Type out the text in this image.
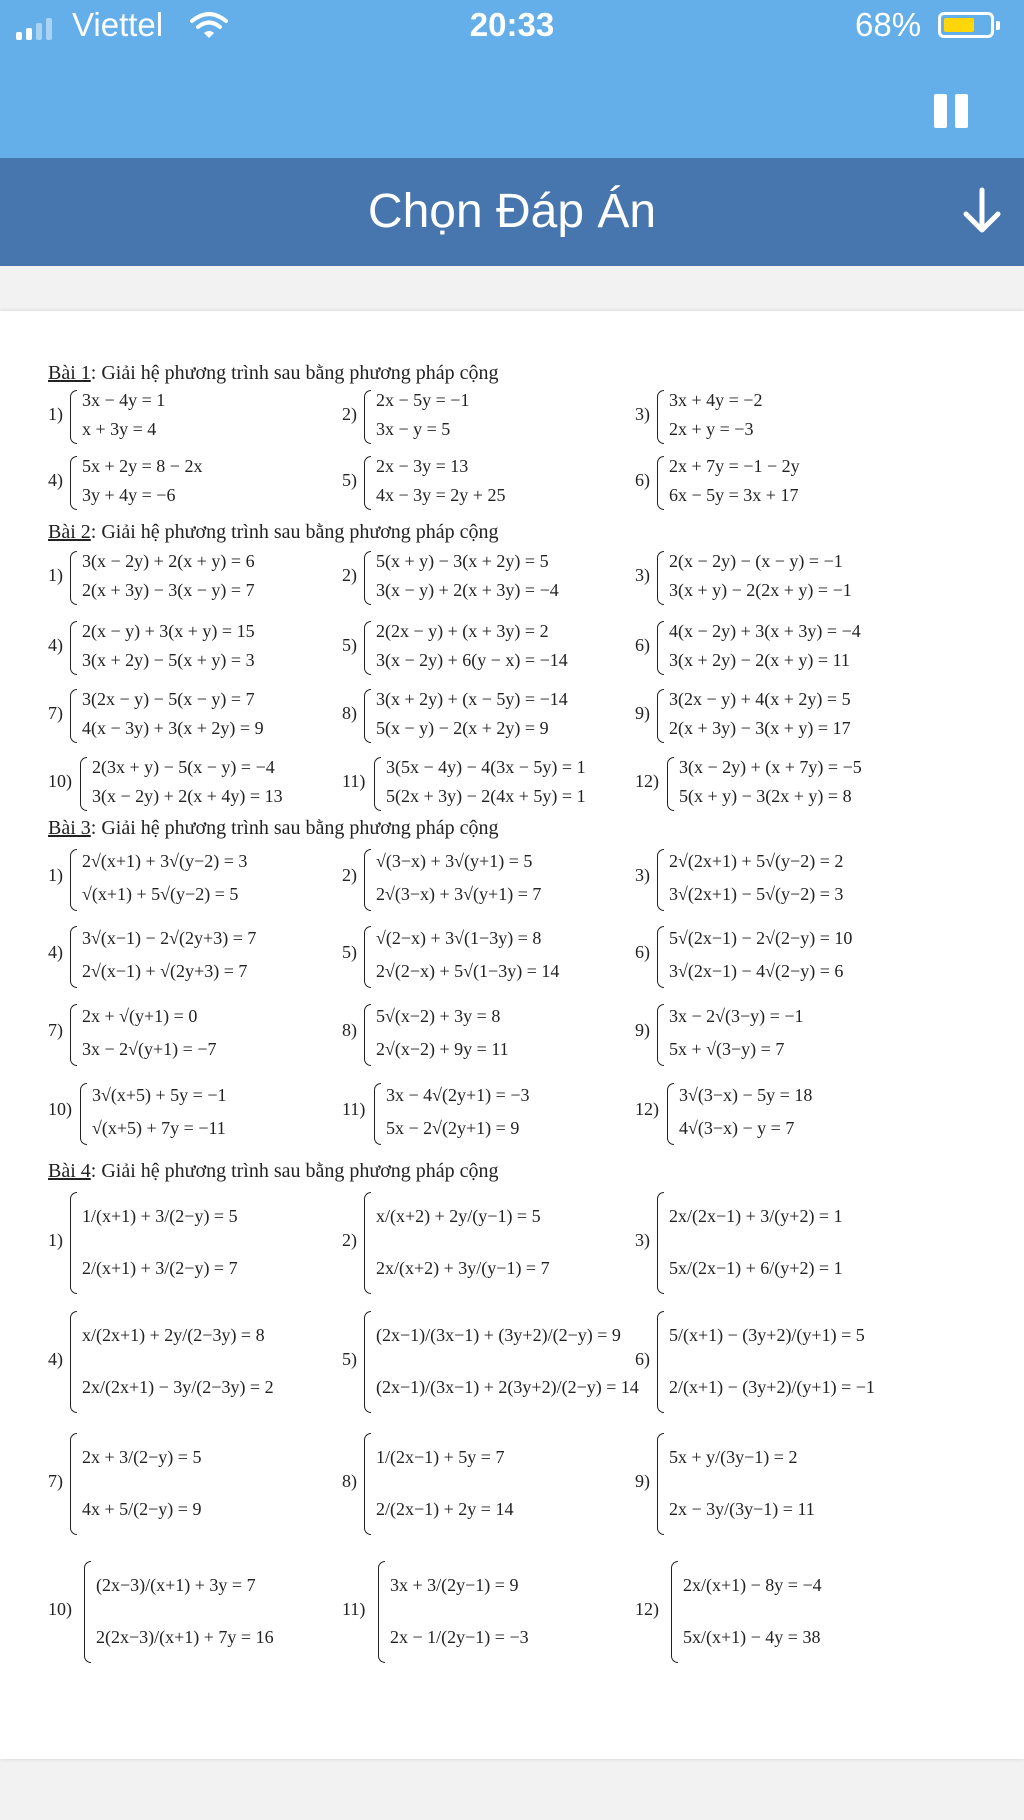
Viettel	20:33	68%
Chọn Đáp Án
Bài 1: Giải hệ phương trình sau bằng phương pháp cộng
1)
3x − 4y = 1
x + 3y = 4
2)
2x − 5y = −1
3x − y = 5
3)
3x + 4y = −2
2x + y = −3
4)
5x + 2y = 8 − 2x
3y + 4y = −6
5)
2x − 3y = 13
4x − 3y = 2y + 25
6)
2x + 7y = −1 − 2y
6x − 5y = 3x + 17
Bài 2: Giải hệ phương trình sau bằng phương pháp cộng
1)
3(x − 2y) + 2(x + y) = 6
2(x + 3y) − 3(x − y) = 7
2)
5(x + y) − 3(x + 2y) = 5
3(x − y) + 2(x + 3y) = −4
3)
2(x − 2y) − (x − y) = −1
3(x + y) − 2(2x + y) = −1
4)
2(x − y) + 3(x + y) = 15
3(x + 2y) − 5(x + y) = 3
5)
2(2x − y) + (x + 3y) = 2
3(x − 2y) + 6(y − x) = −14
6)
4(x − 2y) + 3(x + 3y) = −4
3(x + 2y) − 2(x + y) = 11
7)
3(2x − y) − 5(x − y) = 7
4(x − 3y) + 3(x + 2y) = 9
8)
3(x + 2y) + (x − 5y) = −14
5(x − y) − 2(x + 2y) = 9
9)
3(2x − y) + 4(x + 2y) = 5
2(x + 3y) − 3(x + y) = 17
10)
2(3x + y) − 5(x − y) = −4
3(x − 2y) + 2(x + 4y) = 13
11)
3(5x − 4y) − 4(3x − 5y) = 1
5(2x + 3y) − 2(4x + 5y) = 1
12)
3(x − 2y) + (x + 7y) = −5
5(x + y) − 3(2x + y) = 8
Bài 3: Giải hệ phương trình sau bằng phương pháp cộng
1)
2√(x+1) + 3√(y−2) = 3
√(x+1) + 5√(y−2) = 5
2)
√(3−x) + 3√(y+1) = 5
2√(3−x) + 3√(y+1) = 7
3)
2√(2x+1) + 5√(y−2) = 2
3√(2x+1) − 5√(y−2) = 3
4)
3√(x−1) − 2√(2y+3) = 7
2√(x−1) + √(2y+3) = 7
5)
√(2−x) + 3√(1−3y) = 8
2√(2−x) + 5√(1−3y) = 14
6)
5√(2x−1) − 2√(2−y) = 10
3√(2x−1) − 4√(2−y) = 6
7)
2x + √(y+1) = 0
3x − 2√(y+1) = −7
8)
5√(x−2) + 3y = 8
2√(x−2) + 9y = 11
9)
3x − 2√(3−y) = −1
5x + √(3−y) = 7
10)
3√(x+5) + 5y = −1
√(x+5) + 7y = −11
11)
3x − 4√(2y+1) = −3
5x − 2√(2y+1) = 9
12)
3√(3−x) − 5y = 18
4√(3−x) − y = 7
Bài 4: Giải hệ phương trình sau bằng phương pháp cộng
1)
1/(x+1) + 3/(2−y) = 5
2/(x+1) + 3/(2−y) = 7
2)
x/(x+2) + 2y/(y−1) = 5
2x/(x+2) + 3y/(y−1) = 7
3)
2x/(2x−1) + 3/(y+2) = 1
5x/(2x−1) + 6/(y+2) = 1
4)
x/(2x+1) + 2y/(2−3y) = 8
2x/(2x+1) − 3y/(2−3y) = 2
5)
(2x−1)/(3x−1) + (3y+2)/(2−y) = 9
(2x−1)/(3x−1) + 2(3y+2)/(2−y) = 14
6)
5/(x+1) − (3y+2)/(y+1) = 5
2/(x+1) − (3y+2)/(y+1) = −1
7)
2x + 3/(2−y) = 5
4x + 5/(2−y) = 9
8)
1/(2x−1) + 5y = 7
2/(2x−1) + 2y = 14
9)
5x + y/(3y−1) = 2
2x − 3y/(3y−1) = 11
10)
(2x−3)/(x+1) + 3y = 7
2(2x−3)/(x+1) + 7y = 16
11)
3x + 3/(2y−1) = 9
2x − 1/(2y−1) = −3
12)
2x/(x+1) − 8y = −4
5x/(x+1) − 4y = 38
